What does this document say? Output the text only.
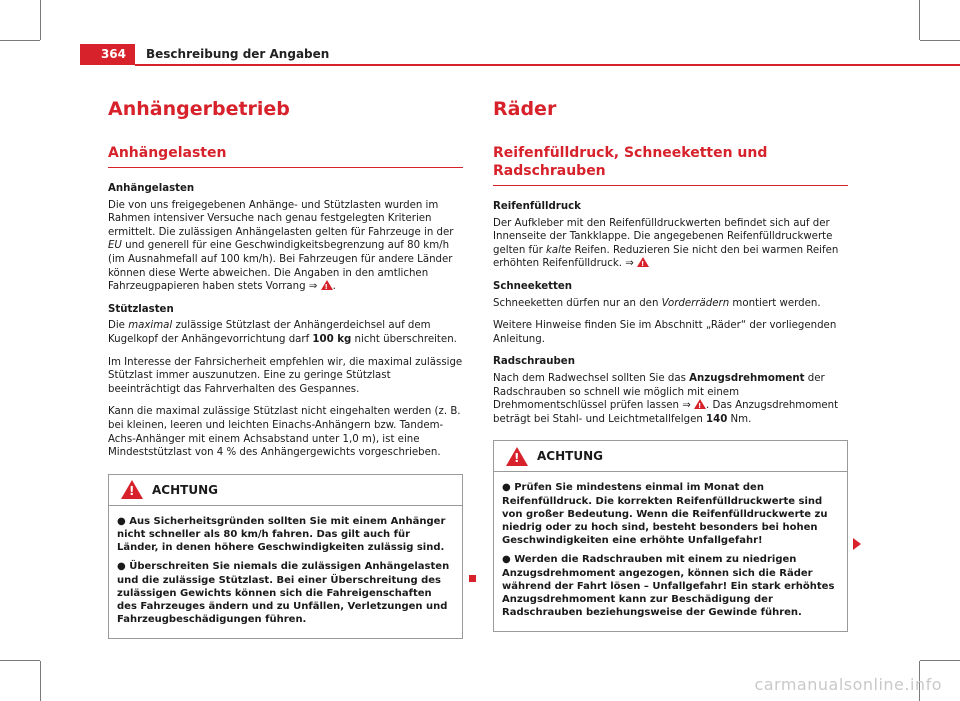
364	Beschreibung der Angaben
Anhängerbetrieb
Anhängelasten
Anhängelasten

Die von uns freigegebenen Anhänge- und Stützlasten wurden im Rahmen intensiver Versuche nach genau festgelegten Kriterien ermittelt. Die zulässigen Anhängelasten gelten für Fahrzeuge in der EU und generell für eine Geschwindigkeitsbegrenzung auf 80 km/h (im Ausnahmefall auf 100 km/h). Bei Fahrzeugen für andere Länder können diese Werte abweichen. Die Angaben in den amtlichen Fahrzeugpapieren haben stets Vorrang ⇒ !.

Stützlasten

Die maximal zulässige Stützlast der Anhängerdeichsel auf dem Kugelkopf der Anhängevorrichtung darf 100 kg nicht überschreiten.

Im Interesse der Fahrsicherheit empfehlen wir, die maximal zulässige Stützlast immer auszunutzen. Eine zu geringe Stützlast beeinträchtigt das Fahrverhalten des Gespannes.

Kann die maximal zulässige Stützlast nicht eingehalten werden (z. B. bei kleinen, leeren und leichten Einachs-Anhängern bzw. Tandem-Achs-Anhänger mit einem Achsabstand unter 1,0 m), ist eine Mindeststützlast von 4 % des Anhängergewichts vorgeschrieben.

!
ACHTUNG

● Aus Sicherheitsgründen sollten Sie mit einem Anhänger nicht schneller als 80 km/h fahren. Das gilt auch für Länder, in denen höhere Geschwindigkeiten zulässig sind.

● Überschreiten Sie niemals die zulässigen Anhängelasten und die zulässige Stützlast. Bei einer Überschreitung des zulässigen Gewichts können sich die Fahreigenschaften des Fahrzeuges ändern und zu Unfällen, Verletzungen und Fahrzeugbeschädigungen führen.

Räder
Reifenfülldruck, Schneeketten und Radschrauben
Reifenfülldruck

Der Aufkleber mit den Reifenfülldruckwerten befindet sich auf der Innenseite der Tankklappe. Die angegebenen Reifenfülldruckwerte gelten für kalte Reifen. Reduzieren Sie nicht den bei warmen Reifen erhöhten Reifenfülldruck. ⇒ !

Schneeketten

Schneeketten dürfen nur an den Vorderrädern montiert werden.

Weitere Hinweise finden Sie im Abschnitt „Räder“ der vorliegenden Anleitung.

Radschrauben

Nach dem Radwechsel sollten Sie das Anzugsdrehmoment der Radschrauben so schnell wie möglich mit einem Drehmomentschlüssel prüfen lassen ⇒ !. Das Anzugsdrehmoment beträgt bei Stahl- und Leichtmetallfelgen 140 Nm.

!
ACHTUNG

● Prüfen Sie mindestens einmal im Monat den Reifenfülldruck. Die korrekten Reifenfülldruckwerte sind von großer Bedeutung. Wenn die Reifenfülldruckwerte zu niedrig oder zu hoch sind, besteht besonders bei hohen Geschwindigkeiten eine erhöhte Unfallgefahr!

● Werden die Radschrauben mit einem zu niedrigen Anzugsdrehmoment angezogen, können sich die Räder während der Fahrt lösen – Unfallgefahr! Ein stark erhöhtes Anzugsdrehmoment kann zur Beschädigung der Radschrauben beziehungsweise der Gewinde führen.

carmanualsonline.info
